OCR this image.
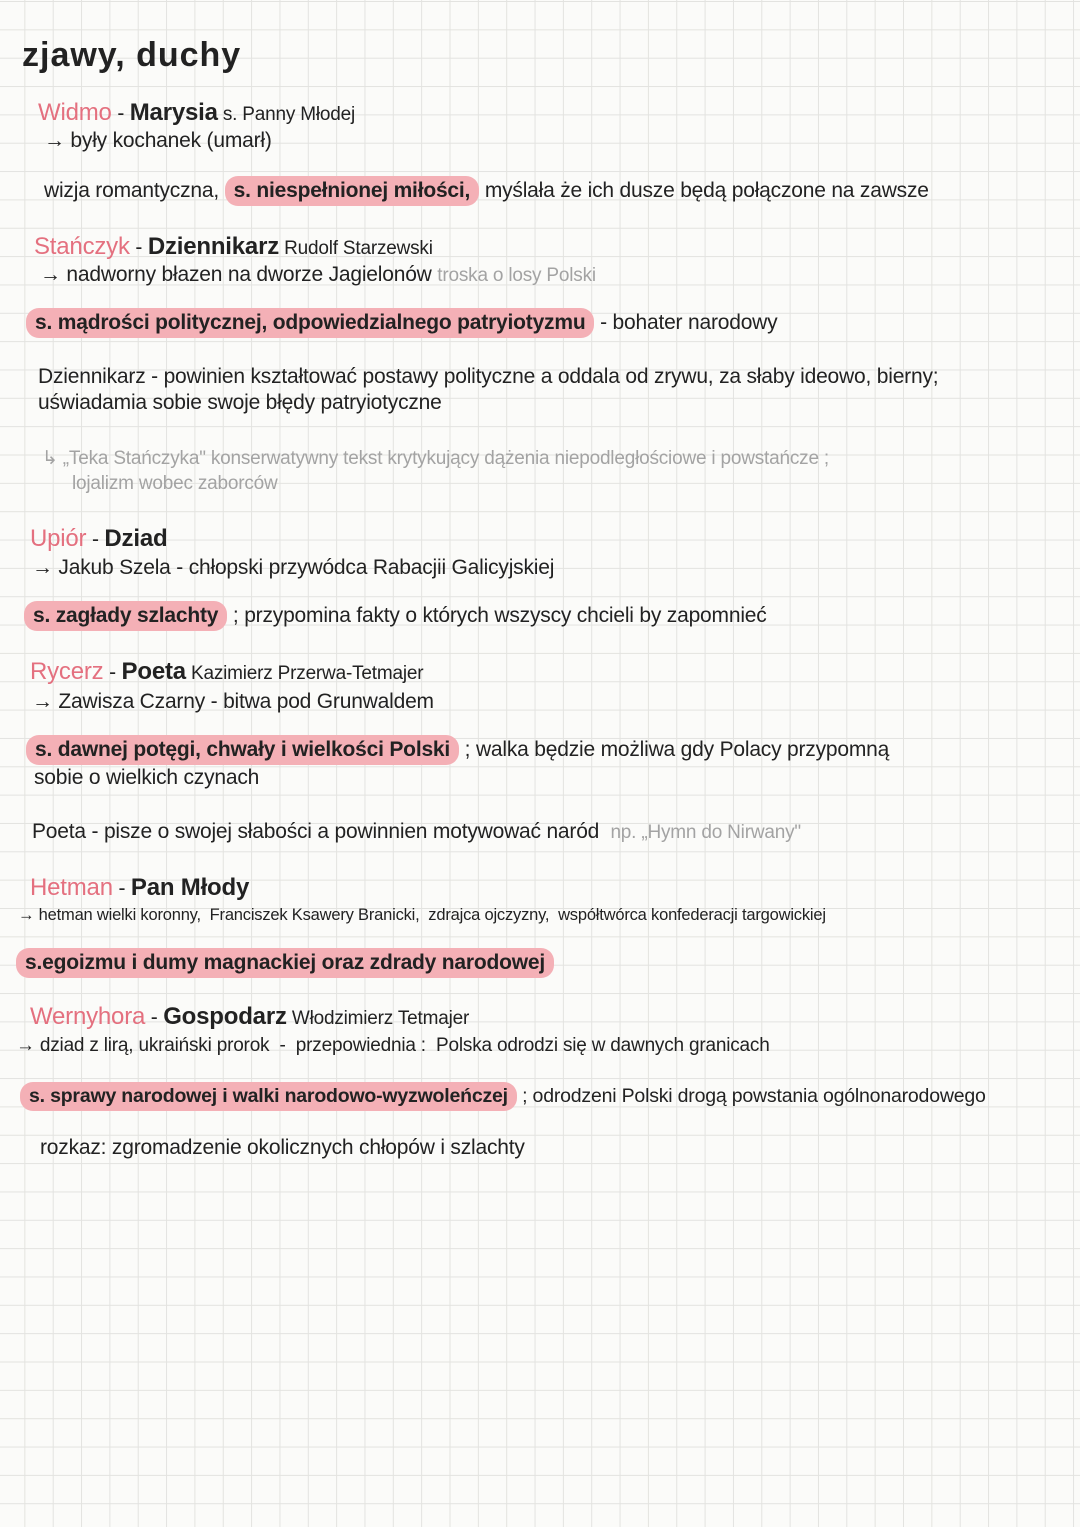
zjawy, duchy
Widmo - Marysia s. Panny Młodej
→ były kochanek (umarł)
wizja romantyczna, s. niespełnionej miłości, myślała że ich dusze będą połączone na zawsze
Stańczyk - Dziennikarz Rudolf Starzewski
→ nadworny błazen na dworze Jagielonów troska o losy Polski
s. mądrości politycznej, odpowiedzialnego patryiotyzmu - bohater narodowy
Dziennikarz - powinien kształtować postawy polityczne a oddala od zrywu, za słaby ideowo, bierny;
uświadamia sobie swoje błędy patryiotyczne
↳ „Teka Stańczyka" konserwatywny tekst krytykujący dążenia niepodległościowe i powstańcze ;
lojalizm wobec zaborców
Upiór - Dziad
→ Jakub Szela - chłopski przywódca Rabacjii Galicyjskiej
s. zagłady szlachty ; przypomina fakty o których wszyscy chcieli by zapomnieć
Rycerz - Poeta Kazimierz Przerwa-Tetmajer
→ Zawisza Czarny - bitwa pod Grunwaldem
s. dawnej potęgi, chwały i wielkości Polski ; walka będzie możliwa gdy Polacy przypomną
sobie o wielkich czynach
Poeta - pisze o swojej słabości a powinnien motywować naród  np. „Hymn do Nirwany"
Hetman - Pan Młody
→ hetman wielki koronny,  Franciszek Ksawery Branicki,  zdrajca ojczyzny,  współtwórca konfederacji targowickiej
s.egoizmu i dumy magnackiej oraz zdrady narodowej
Wernyhora - Gospodarz Włodzimierz Tetmajer
→ dziad z lirą, ukraiński prorok  -  przepowiednia :  Polska odrodzi się w dawnych granicach
s. sprawy narodowej i walki narodowo-wyzwoleńczej ; odrodzeni Polski drogą powstania ogólnonarodowego
rozkaz: zgromadzenie okolicznych chłopów i szlachty
